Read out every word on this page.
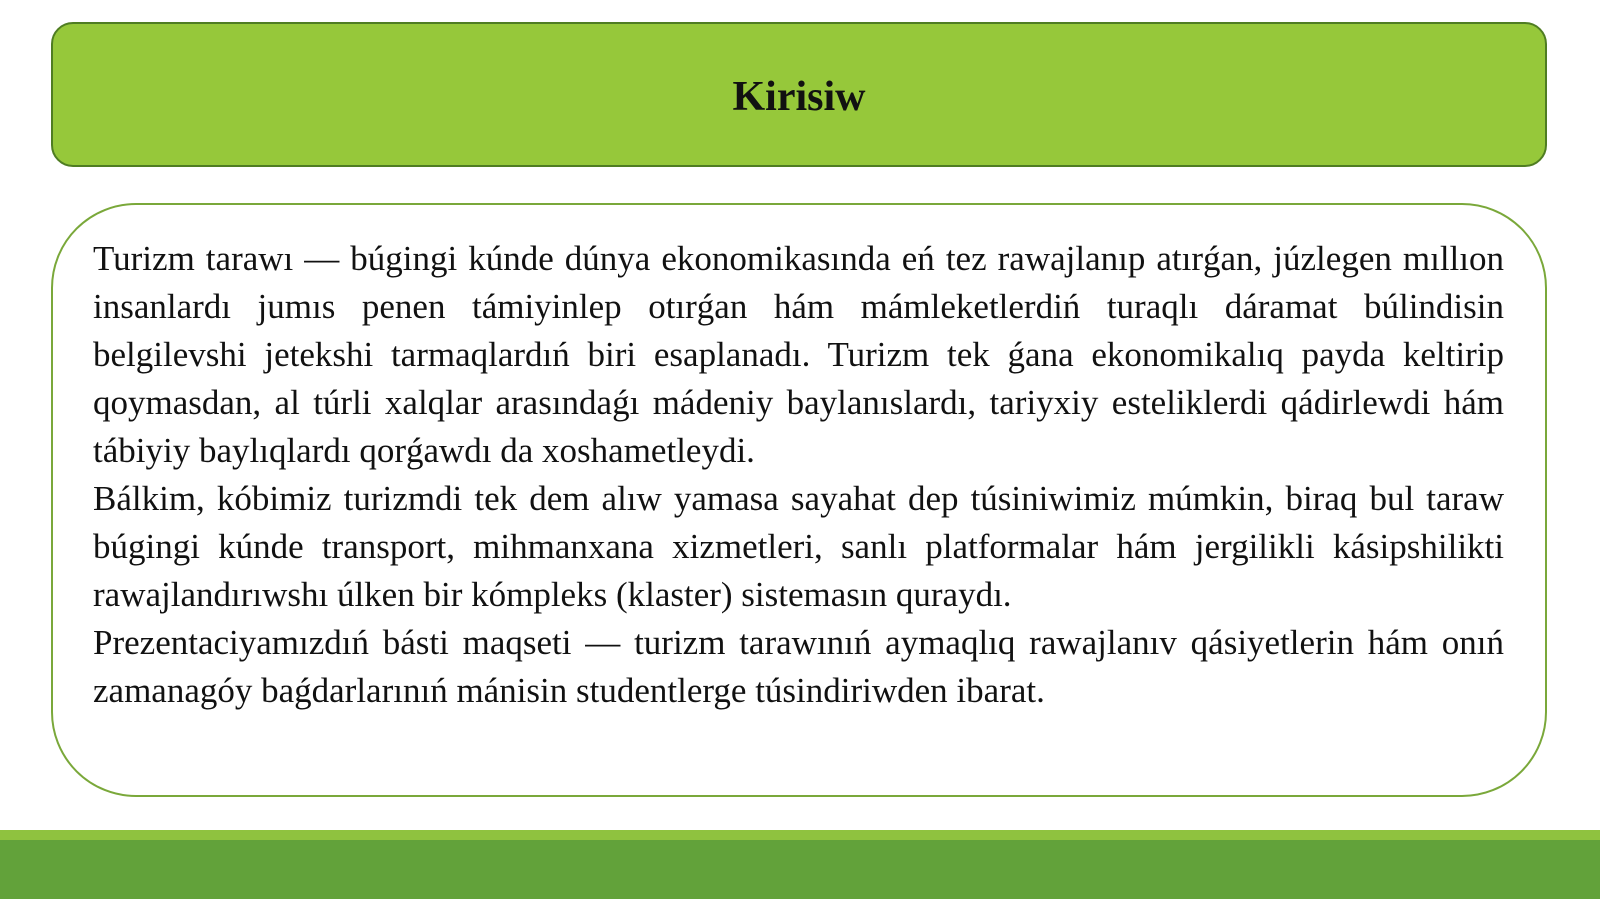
Kirisiw

Turizm tarawı — búgingi kúnde dúnya ekonomikasında eń tez rawajlanıp atırǵan, júzlegen mıllıon insanlardı jumıs penen támiyinlep otırǵan hám mámleketlerdiń turaqlı dáramat búlindisin belgilevshi jetekshi tarmaqlardıń biri esaplanadı. Turizm tek ǵana ekonomikalıq payda keltirip qoymasdan, al túrli xalqlar arasındaǵı mádeniy baylanıslardı, tariyxiy esteliklerdi qádirlewdi hám tábiyiy baylıqlardı qorǵawdı da xoshametleydi.

Bálkim, kóbimiz turizmdi tek dem alıw yamasa sayahat dep túsiniwimiz múmkin, biraq bul taraw búgingi kúnde transport, mihmanxana xizmetleri, sanlı platformalar hám jergilikli kásipshilikti rawajlandırıwshı úlken bir kómpleks (klaster) sistemasın quraydı.

Prezentaciyamızdıń básti maqseti — turizm tarawınıń aymaqlıq rawajlanıv qásiyetlerin hám onıń zamanagóy baǵdarlarınıń mánisin studentlerge túsindiriwden ibarat.
